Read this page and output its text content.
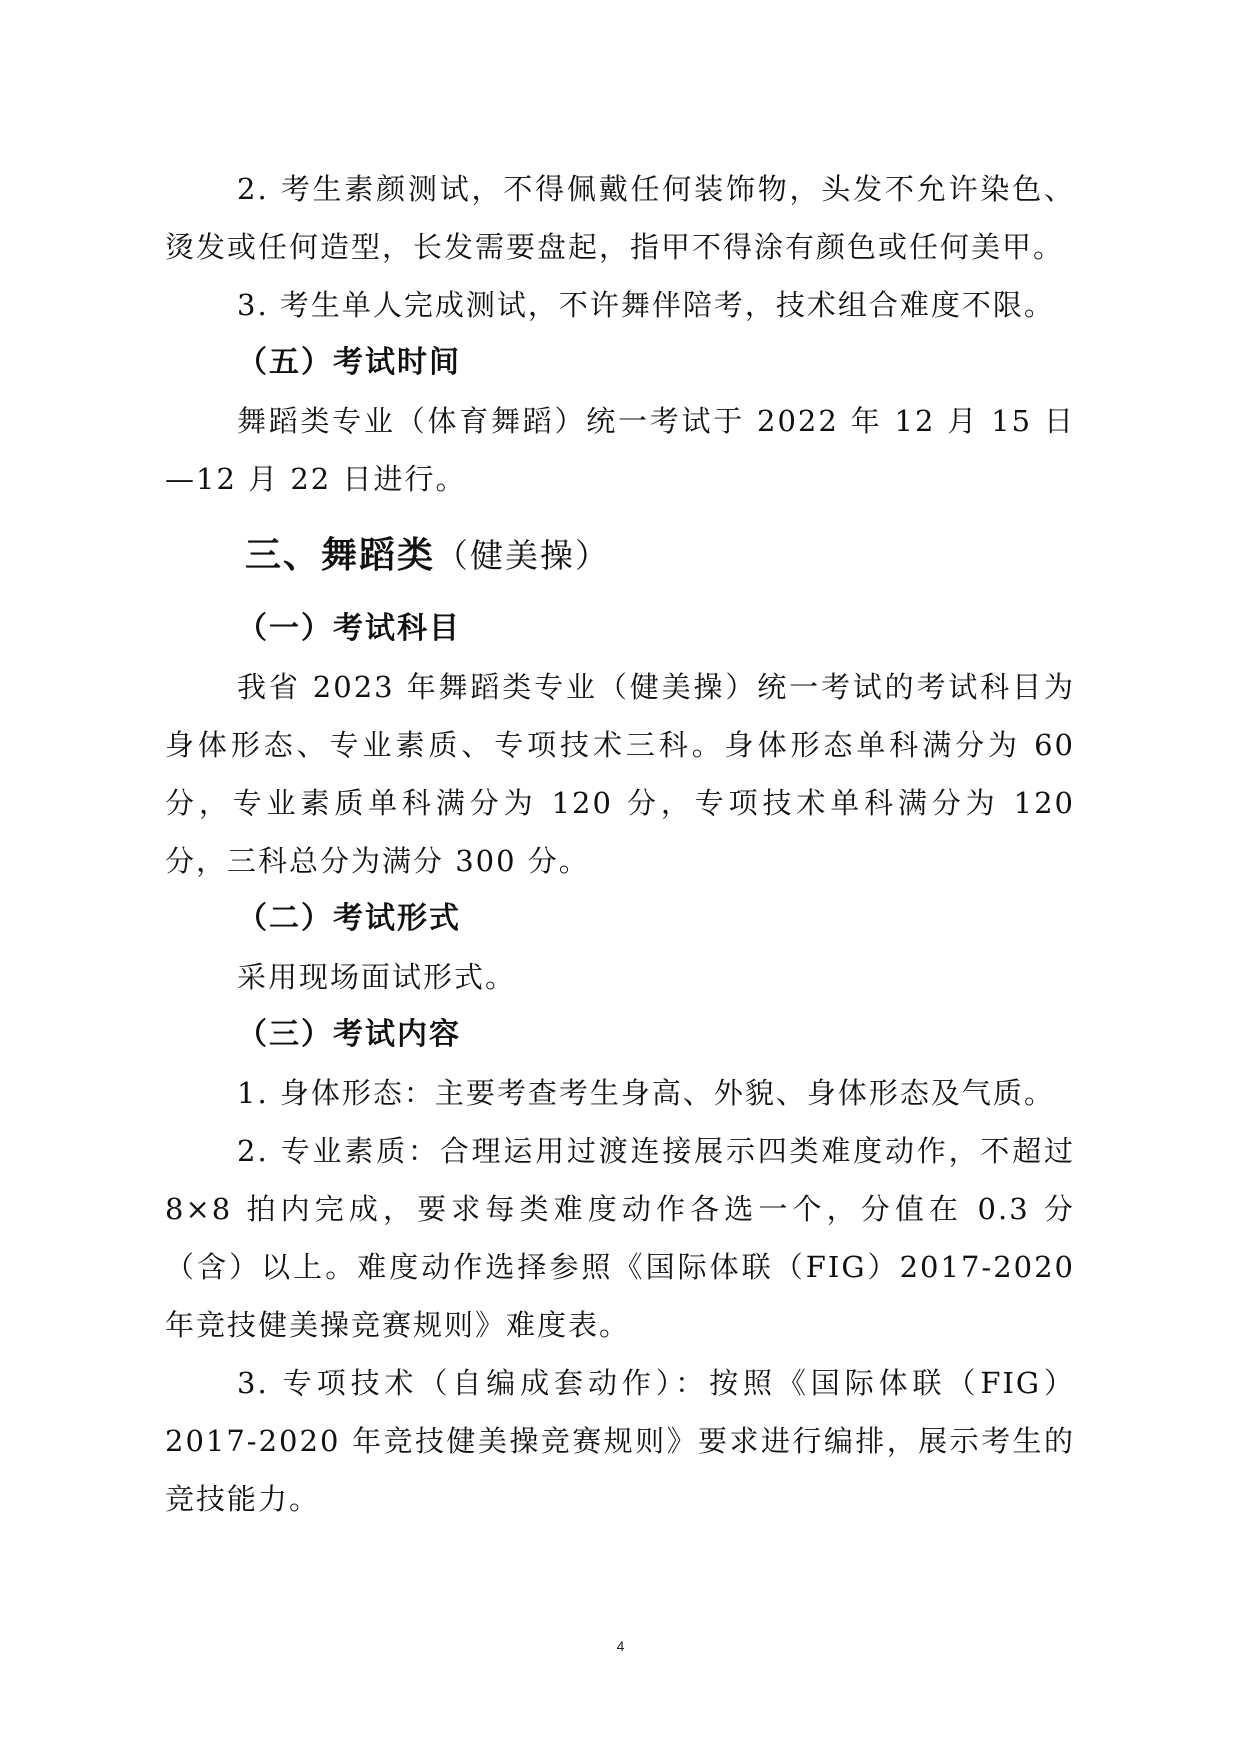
2. 考生素颜测试，不得佩戴任何装饰物，头发不允许染色、烫发或任何造型，长发需要盘起，指甲不得涂有颜色或任何美甲。

3. 考生单人完成测试，不许舞伴陪考，技术组合难度不限。

（五）考试时间

舞蹈类专业（体育舞蹈）统一考试于 2022 年 12 月 15 日—12 月 22 日进行。

三、舞蹈类（健美操）

（一）考试科目

我省 2023 年舞蹈类专业（健美操）统一考试的考试科目为身体形态、专业素质、专项技术三科。身体形态单科满分为 60 分，专业素质单科满分为 120 分，专项技术单科满分为 120 分，三科总分为满分 300 分。

（二）考试形式

采用现场面试形式。

（三）考试内容

1. 身体形态：主要考查考生身高、外貌、身体形态及气质。

2. 专业素质：合理运用过渡连接展示四类难度动作，不超过 8×8 拍内完成，要求每类难度动作各选一个，分值在 0.3 分（含）以上。难度动作选择参照《国际体联（FIG）2017-2020 年竞技健美操竞赛规则》难度表。

3. 专项技术（自编成套动作）：按照《国际体联（FIG）2017-2020 年竞技健美操竞赛规则》要求进行编排，展示考生的竞技能力。

4
